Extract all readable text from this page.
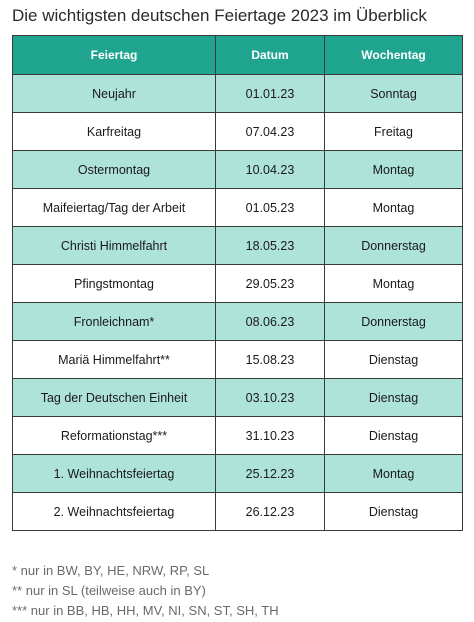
Die wichtigsten deutschen Feiertage 2023 im Überblick
Feiertag	Datum	Wochentag
Neujahr	01.01.23	Sonntag
Karfreitag	07.04.23	Freitag
Ostermontag	10.04.23	Montag
Maifeiertag/Tag der Arbeit	01.05.23	Montag
Christi Himmelfahrt	18.05.23	Donnerstag
Pfingstmontag	29.05.23	Montag
Fronleichnam*	08.06.23	Donnerstag
Mariä Himmelfahrt**	15.08.23	Dienstag
Tag der Deutschen Einheit	03.10.23	Dienstag
Reformationstag***	31.10.23	Dienstag
1. Weihnachtsfeiertag	25.12.23	Montag
2. Weihnachtsfeiertag	26.12.23	Dienstag
* nur in BW, BY, HE, NRW, RP, SL
** nur in SL (teilweise auch in BY)
*** nur in BB, HB, HH, MV, NI, SN, ST, SH, TH
